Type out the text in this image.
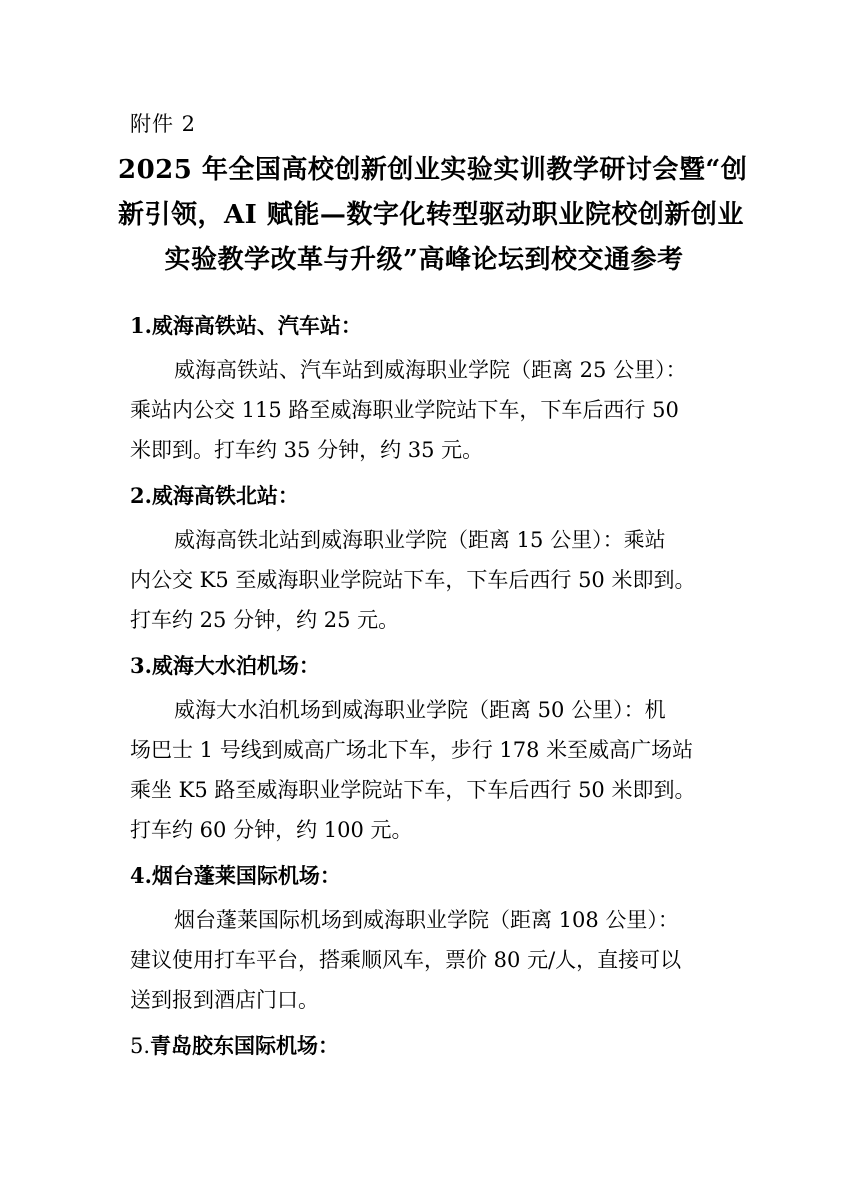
附件 2
2025 年全国高校创新创业实验实训教学研讨会暨“创
新引领，AI 赋能—数字化转型驱动职业院校创新创业
实验教学改革与升级”高峰论坛到校交通参考
1.威海高铁站、汽车站：
威海高铁站、汽车站到威海职业学院（距离 25 公里）：
乘站内公交 115 路至威海职业学院站下车，下车后西行 50
米即到。打车约 35 分钟，约 35 元。
2.威海高铁北站：
威海高铁北站到威海职业学院（距离 15 公里）：乘站
内公交 K5 至威海职业学院站下车，下车后西行 50 米即到。
打车约 25 分钟，约 25 元。
3.威海大水泊机场：
威海大水泊机场到威海职业学院（距离 50 公里）：机
场巴士 1 号线到威高广场北下车，步行 178 米至威高广场站
乘坐 K5 路至威海职业学院站下车，下车后西行 50 米即到。
打车约 60 分钟，约 100 元。
4.烟台蓬莱国际机场：
烟台蓬莱国际机场到威海职业学院（距离 108 公里）：
建议使用打车平台，搭乘顺风车，票价 80 元/人，直接可以
送到报到酒店门口。
5.青岛胶东国际机场：
